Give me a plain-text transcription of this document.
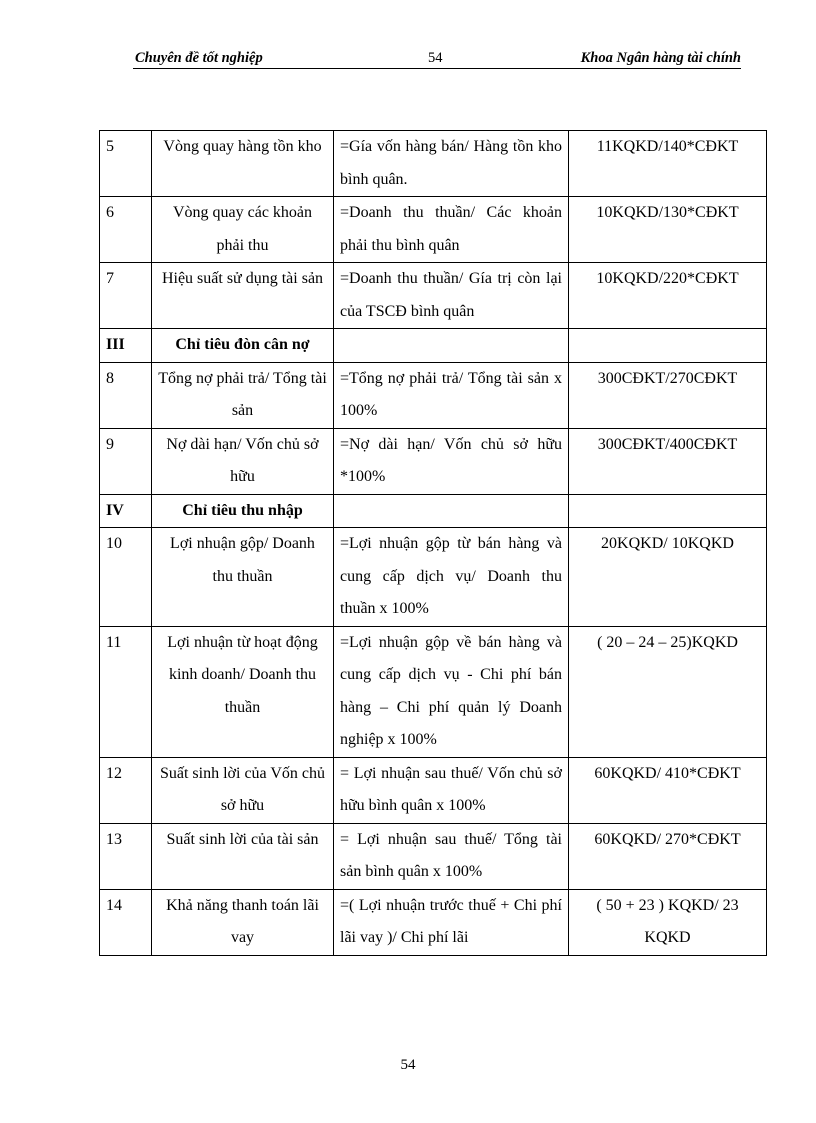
Chuyên đề tốt nghiệp	54	Khoa Ngân hàng tài chính
5	Vòng quay hàng tồn kho	=Gía vốn hàng bán/ Hàng tồn kho bình quân.	11KQKD/140*CĐKT
6	Vòng quay các khoản phải thu	=Doanh thu thuần/ Các khoản phải thu bình quân	10KQKD/130*CĐKT
7	Hiệu suất sử dụng tài sản	=Doanh thu thuần/ Gía trị còn lại của TSCĐ bình quân	10KQKD/220*CĐKT
III	Chỉ tiêu đòn cân nợ		
8	Tổng nợ phải trả/ Tổng tài sản	=Tổng nợ phải trả/ Tổng tài sản x 100%	300CĐKT/270CĐKT
9	Nợ dài hạn/ Vốn chủ sở hữu	=Nợ dài hạn/ Vốn chủ sở hữu *100%	300CĐKT/400CĐKT
IV	Chỉ tiêu thu nhập		
10	Lợi nhuận gộp/ Doanh thu thuần	=Lợi nhuận gộp từ bán hàng và cung cấp dịch vụ/ Doanh thu thuần x 100%	20KQKD/ 10KQKD
11	Lợi nhuận từ hoạt động kinh doanh/ Doanh thu thuần	=Lợi nhuận gộp về bán hàng và cung cấp dịch vụ - Chi phí bán hàng – Chi phí quản lý Doanh nghiệp x 100%	( 20 – 24 – 25)KQKD
12	Suất sinh lời của Vốn chủ sở hữu	= Lợi nhuận sau thuế/ Vốn chủ sở hữu bình quân x 100%	60KQKD/ 410*CĐKT
13	Suất sinh lời của tài sản	= Lợi nhuận sau thuế/ Tổng tài sản bình quân x 100%	60KQKD/ 270*CĐKT
14	Khả năng thanh toán lãi vay	=( Lợi nhuận trước thuế + Chi phí lãi vay )/ Chi phí lãi	( 50 + 23 ) KQKD/ 23 KQKD
54
